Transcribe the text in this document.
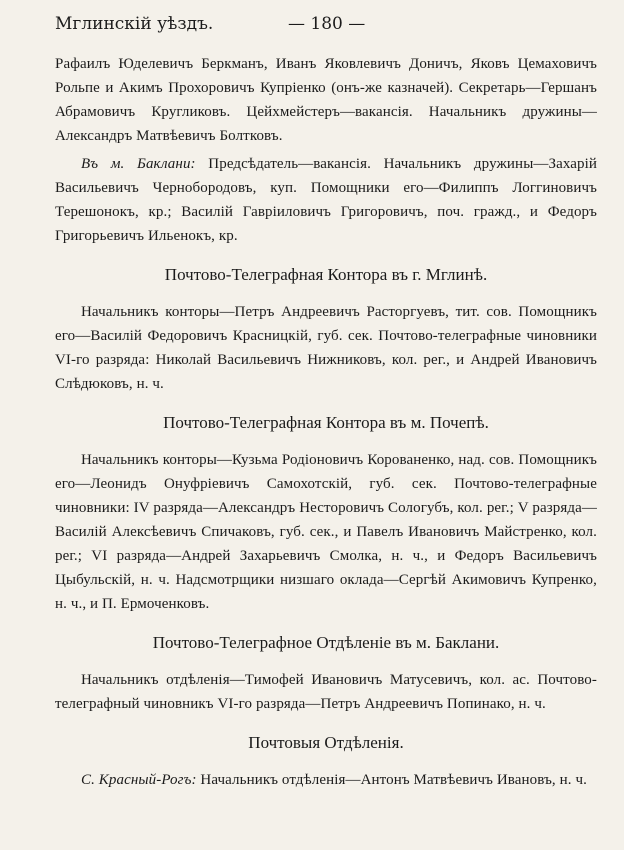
Мглинскій уѣздъ.	— 180 —

Рафаилъ Юделевичъ Беркманъ, Иванъ Яковлевичъ Доничъ, Яковъ Цемаховичъ Рольпе и Акимъ Прохоровичъ Купріенко (онъ-же казначей). Секретарь—Гершанъ Абрамовичъ Кругликовъ. Цейхмейстеръ—вакансія. Начальникъ дружины—Александръ Матвѣевичъ Болтковъ.

Въ м. Баклани: Предсѣдатель—вакансія. Начальникъ дружины—Захарій Васильевичъ Чернобородовъ, куп. Помощники его—Филиппъ Логгиновичъ Терешонокъ, кр.; Василій Гавріиловичъ Григоровичъ, поч. гражд., и Федоръ Григорьевичъ Ильенокъ, кр.

Почтово-Телеграфная Контора въ г. Мглинѣ.

Начальникъ конторы—Петръ Андреевичъ Расторгуевъ, тит. сов. Помощникъ его—Василій Федоровичъ Красницкій, губ. сек. Почтово-телеграфные чиновники VI-го разряда: Николай Васильевичъ Нижниковъ, кол. рег., и Андрей Ивановичъ Слѣдюковъ, н. ч.

Почтово-Телеграфная Контора въ м. Почепѣ.

Начальникъ конторы—Кузьма Родіоновичъ Корованенко, над. сов. Помощникъ его—Леонидъ Онуфріевичъ Самохотскій, губ. сек. Почтово-телеграфные чиновники: IV разряда—Александръ Несторовичъ Сологубъ, кол. рег.; V разряда—Василій Алексѣевичъ Спичаковъ, губ. сек., и Павелъ Ивановичъ Майстренко, кол. рег.; VI разряда—Андрей Захарьевичъ Смолка, н. ч., и Федоръ Васильевичъ Цыбульскій, н. ч. Надсмотрщики низшаго оклада—Сергѣй Акимовичъ Купренко, н. ч., и П. Ермоченковъ.

Почтово-Телеграфное Отдѣленіе въ м. Баклани.

Начальникъ отдѣленія—Тимофей Ивановичъ Матусевичъ, кол. ас. Почтово-телеграфный чиновникъ VI-го разряда—Петръ Андреевичъ Попинако, н. ч.

Почтовыя Отдѣленія.

С. Красный-Рогъ: Начальникъ отдѣленія—Антонъ Матвѣевичъ Ивановъ, н. ч.
